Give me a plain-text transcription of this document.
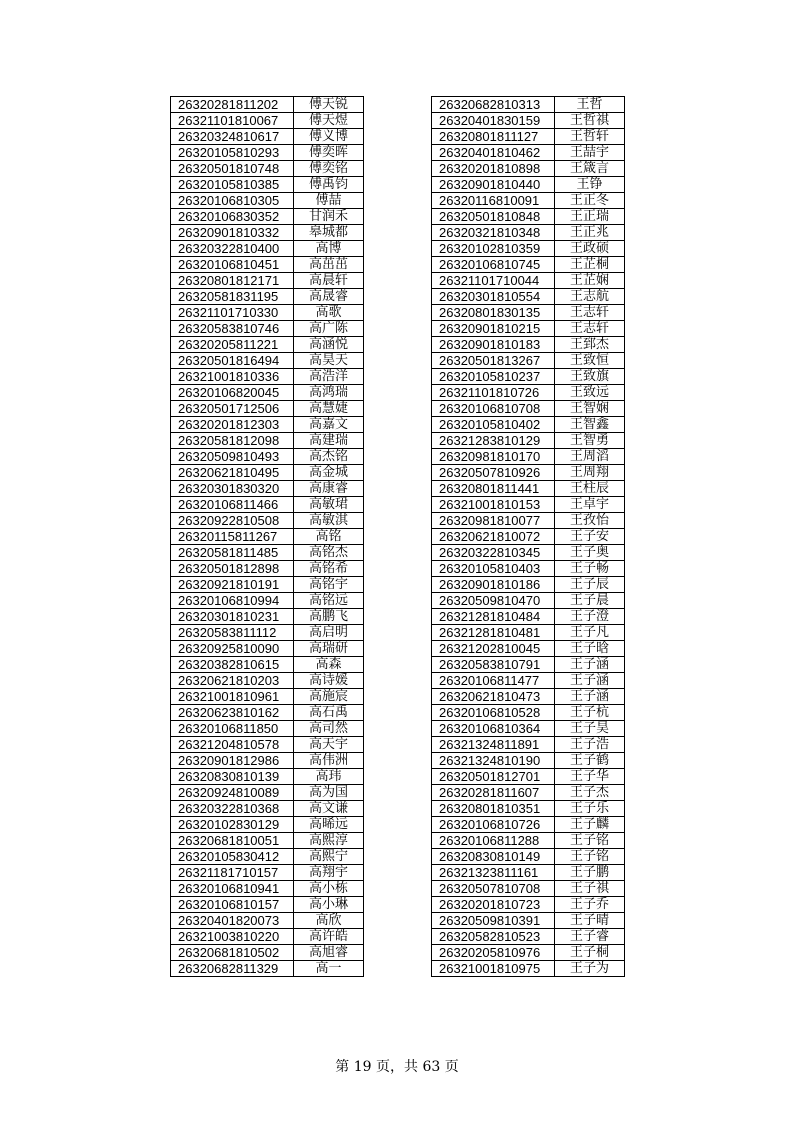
26320281811202	傅天锐
26321101810067	傅天煜
26320324810617	傅义博
26320105810293	傅奕晖
26320501810748	傅奕铭
26320105810385	傅禹钧
26320106810305	傅喆
26320106830352	甘润禾
26320901810332	皋城都
26320322810400	高博
26320106810451	高茁茁
26320801812171	高晨轩
26320581831195	高晟睿
26321101710330	高歌
26320583810746	高广陈
26320205811221	高涵悦
26320501816494	高昊天
26321001810336	高浩洋
26320106820045	高鸿瑞
26320501712506	高慧婕
26320201812303	高嘉文
26320581812098	高建瑞
26320509810493	高杰铭
26320621810495	高金城
26320301830320	高康睿
26320106811466	高敏珺
26320922810508	高敏淇
26320115811267	高铭
26320581811485	高铭杰
26320501812898	高铭希
26320921810191	高铭宇
26320106810994	高铭远
26320301810231	高鹏飞
26320583811112	高启明
26320925810090	高瑞研
26320382810615	高森
26320621810203	高诗媛
26321001810961	高施宸
26320623810162	高石禹
26320106811850	高司然
26321204810578	高天宇
26320901812986	高伟洲
26320830810139	高玮
26320924810089	高为国
26320322810368	高文谦
26320102830129	高晞远
26320681810051	高熙淳
26320105830412	高熙宁
26321181710157	高翔宇
26320106810941	高小栋
26320106810157	高小琳
26320401820073	高欣
26321003810220	高许皓
26320681810502	高旭睿
26320682811329	高一
26320682810313	王哲
26320401830159	王哲祺
26320801811127	王哲轩
26320401810462	王喆宇
26320201810898	王箴言
26320901810440	王铮
26320116810091	王正冬
26320501810848	王正瑞
26320321810348	王正兆
26320102810359	王政硕
26320106810745	王芷桐
26321101710044	王芷娴
26320301810554	王志航
26320801830135	王志轩
26320901810215	王志轩
26320901810183	王郅杰
26320501813267	王致恒
26320105810237	王致旗
26321101810726	王致远
26320106810708	王智娴
26320105810402	王智鑫
26321283810129	王智勇
26320981810170	王周滔
26320507810926	王周翔
26320801811441	王柱辰
26321001810153	王卓宇
26320981810077	王孜怡
26320621810072	王子安
26320322810345	王子奥
26320105810403	王子畅
26320901810186	王子辰
26320509810470	王子晨
26321281810484	王子澄
26321281810481	王子凡
26321202810045	王子晗
26320583810791	王子涵
26320106811477	王子涵
26320621810473	王子涵
26320106810528	王子杭
26320106810364	王子昊
26321324811891	王子浩
26321324810190	王子鹤
26320501812701	王子华
26320281811607	王子杰
26320801810351	王子乐
26320106810726	王子麟
26320106811288	王子铭
26320830810149	王子铭
26321323811161	王子鹏
26320507810708	王子祺
26320201810723	王子乔
26320509810391	王子晴
26320582810523	王子睿
26320205810976	王子桐
26321001810975	王子为
第 19 页，共 63 页
